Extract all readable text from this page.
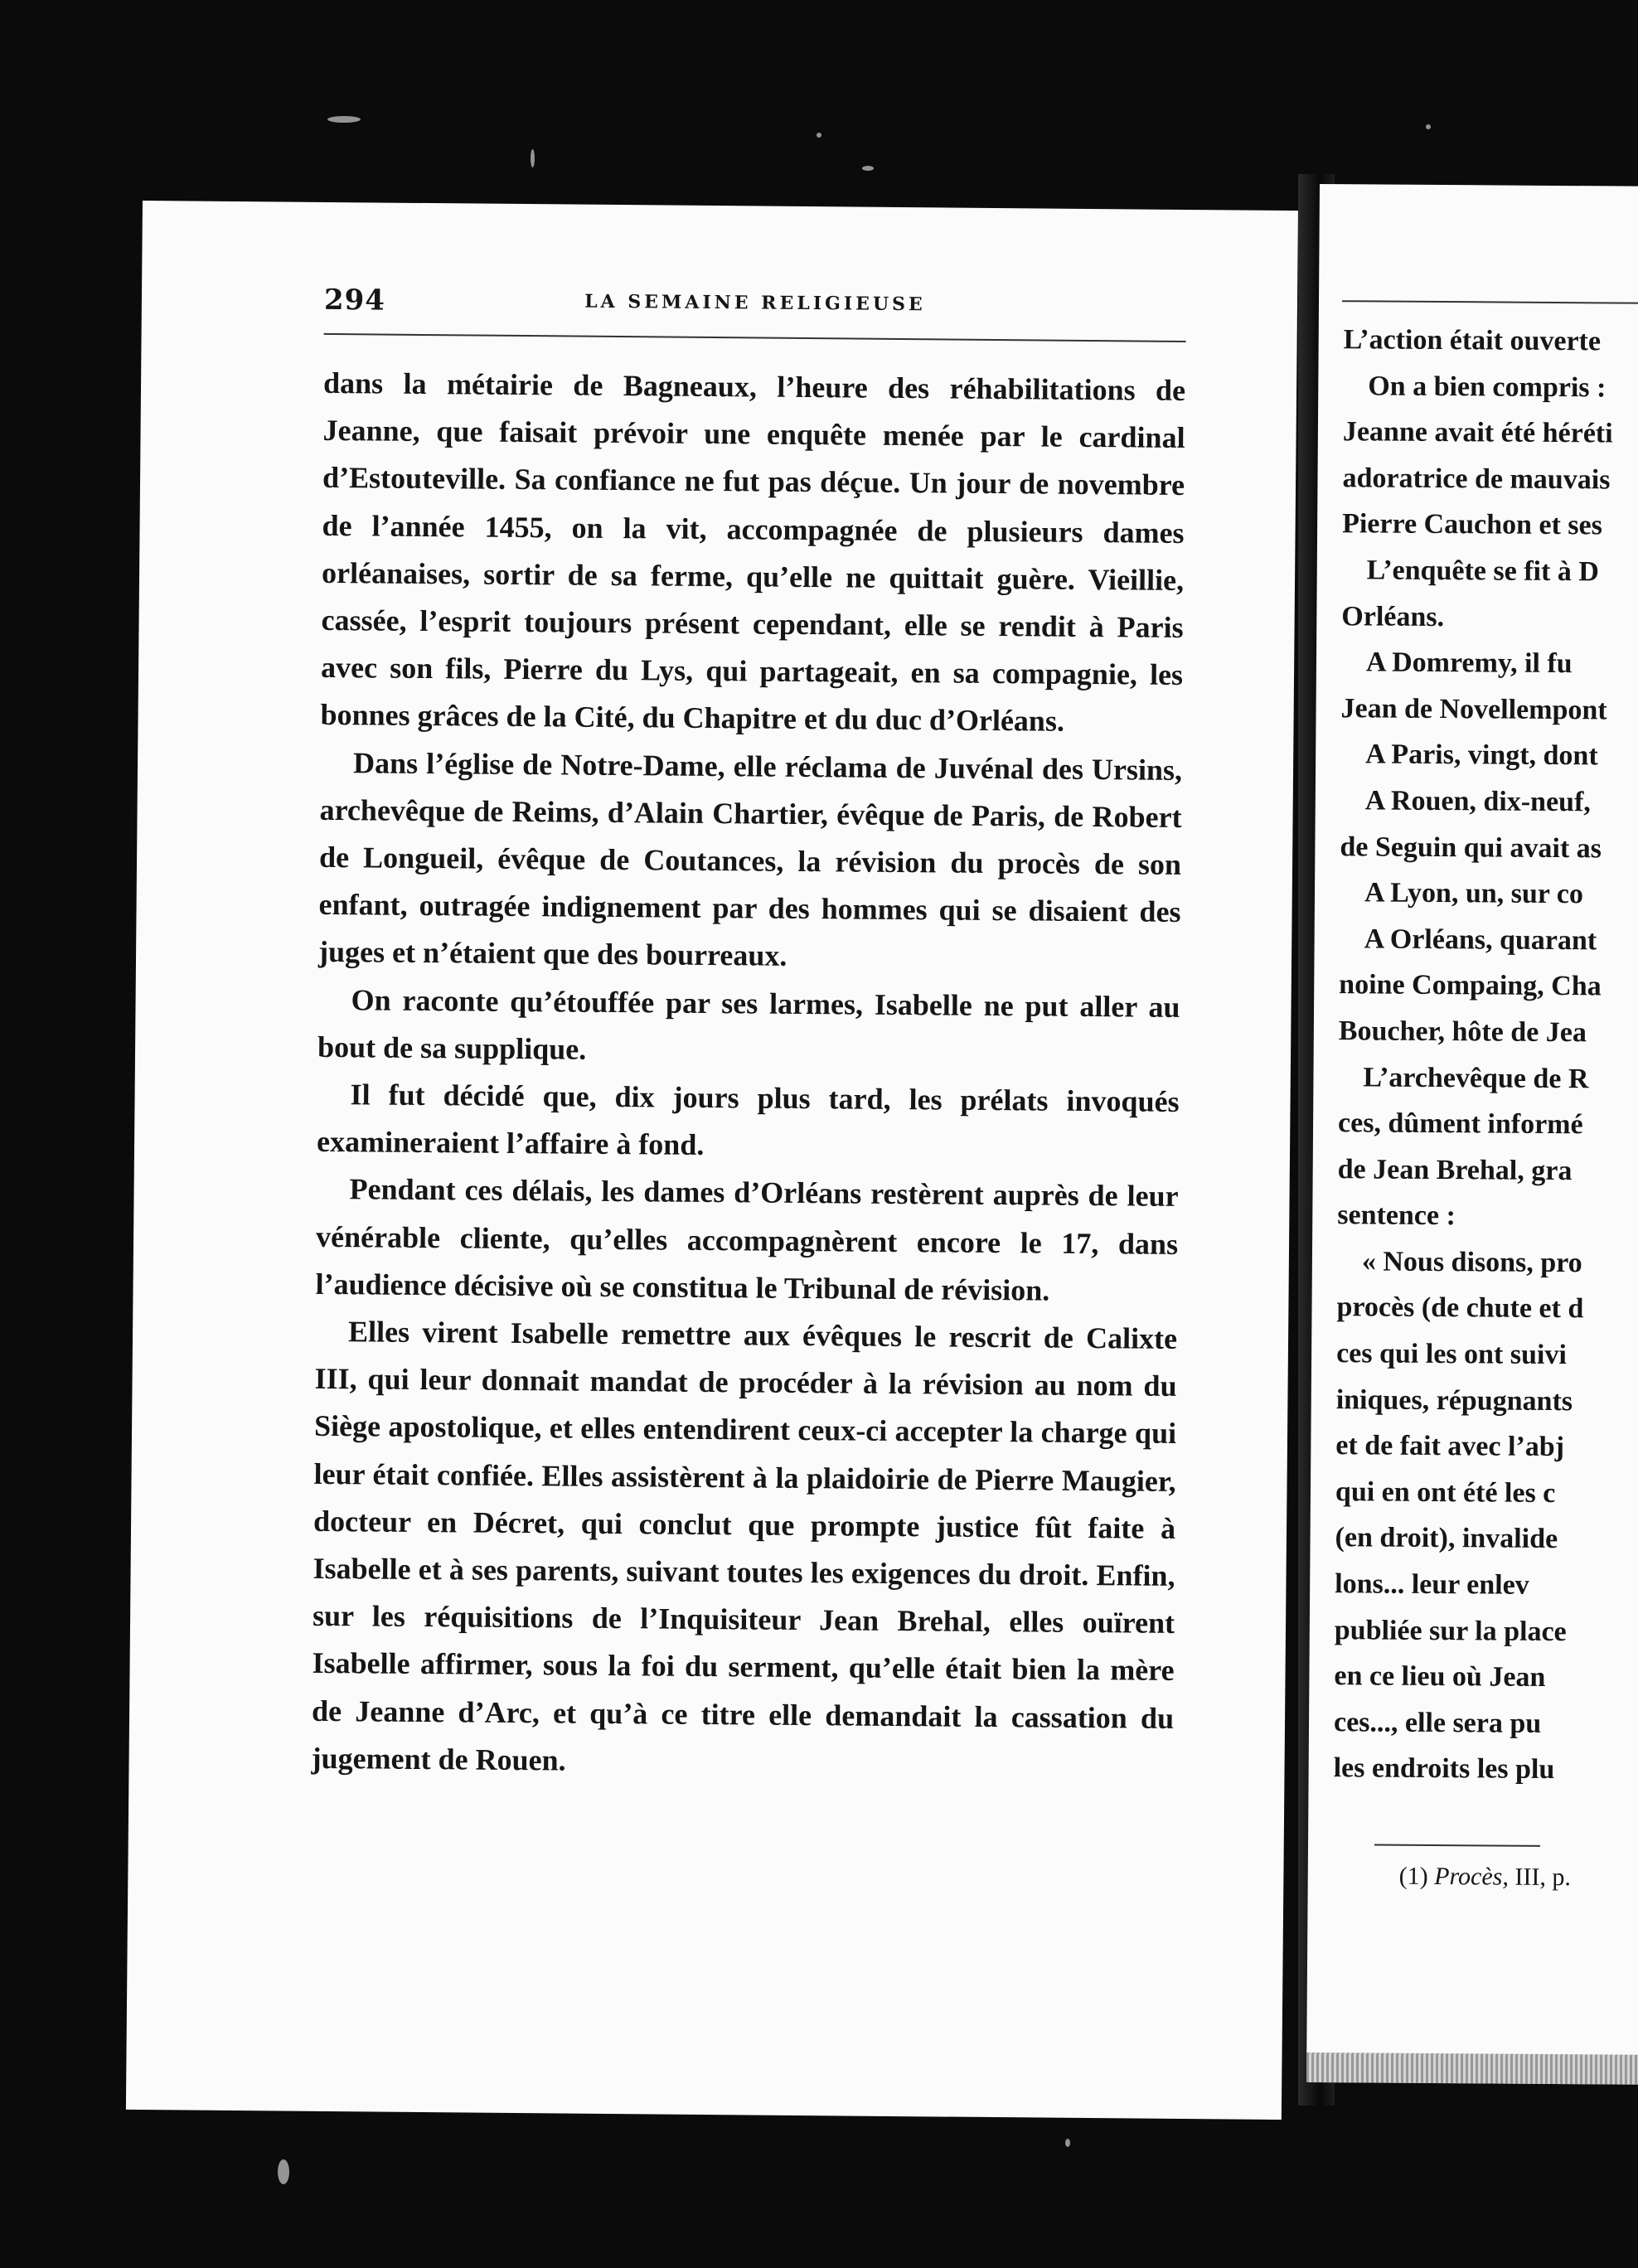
294	LA SEMAINE RELIGIEUSE

dans la métairie de Bagneaux, l’heure des réhabilitations de Jeanne, que faisait prévoir une enquête menée par le cardinal d’Estouteville. Sa confiance ne fut pas déçue. Un jour de novembre de l’année 1455, on la vit, accompagnée de plusieurs dames orléanaises, sortir de sa ferme, qu’elle ne quittait guère. Vieillie, cassée, l’esprit toujours présent cependant, elle se rendit à Paris avec son fils, Pierre du Lys, qui partageait, en sa compagnie, les bonnes grâces de la Cité, du Chapitre et du duc d’Orléans.

Dans l’église de Notre-Dame, elle réclama de Juvénal des Ursins, archevêque de Reims, d’Alain Chartier, évêque de Paris, de Robert de Longueil, évêque de Coutances, la révision du procès de son enfant, outragée indignement par des hommes qui se disaient des juges et n’étaient que des bourreaux.

On raconte qu’étouffée par ses larmes, Isabelle ne put aller au bout de sa supplique.

Il fut décidé que, dix jours plus tard, les prélats invoqués examineraient l’affaire à fond.

Pendant ces délais, les dames d’Orléans restèrent auprès de leur vénérable cliente, qu’elles accompagnèrent encore le 17, dans l’audience décisive où se constitua le Tribunal de révision.

Elles virent Isabelle remettre aux évêques le rescrit de Calixte III, qui leur donnait mandat de procéder à la révision au nom du Siège apostolique, et elles entendirent ceux-ci accepter la charge qui leur était confiée. Elles assistèrent à la plaidoirie de Pierre Maugier, docteur en Décret, qui conclut que prompte justice fût faite à Isabelle et à ses parents, suivant toutes les exigences du droit. Enfin, sur les réquisitions de l’Inquisiteur Jean Brehal, elles ouïrent Isabelle affirmer, sous la foi du serment, qu’elle était bien la mère de Jeanne d’Arc, et qu’à ce titre elle demandait la cassation du jugement de Rouen.

L’action était ouverte
On a bien compris :
Jeanne avait été héréti
adoratrice de mauvais
Pierre Cauchon et ses
L’enquête se fit à D
Orléans.
A Domremy, il fu
Jean de Novellempont
A Paris, vingt, dont
A Rouen, dix-neuf,
de Seguin qui avait as
A Lyon, un, sur co
A Orléans, quarant
noine Compaing, Cha
Boucher, hôte de Jea
L’archevêque de R
ces, dûment informé
de Jean Brehal, gra
sentence :
« Nous disons, pro
procès (de chute et d
ces qui les ont suivi
iniques, répugnants
et de fait avec l’abj
qui en ont été les c
(en droit), invalide
lons... leur enlev
publiée sur la place
en ce lieu où Jean
ces..., elle sera pu
les endroits les plu
(1) Procès, III, p.
